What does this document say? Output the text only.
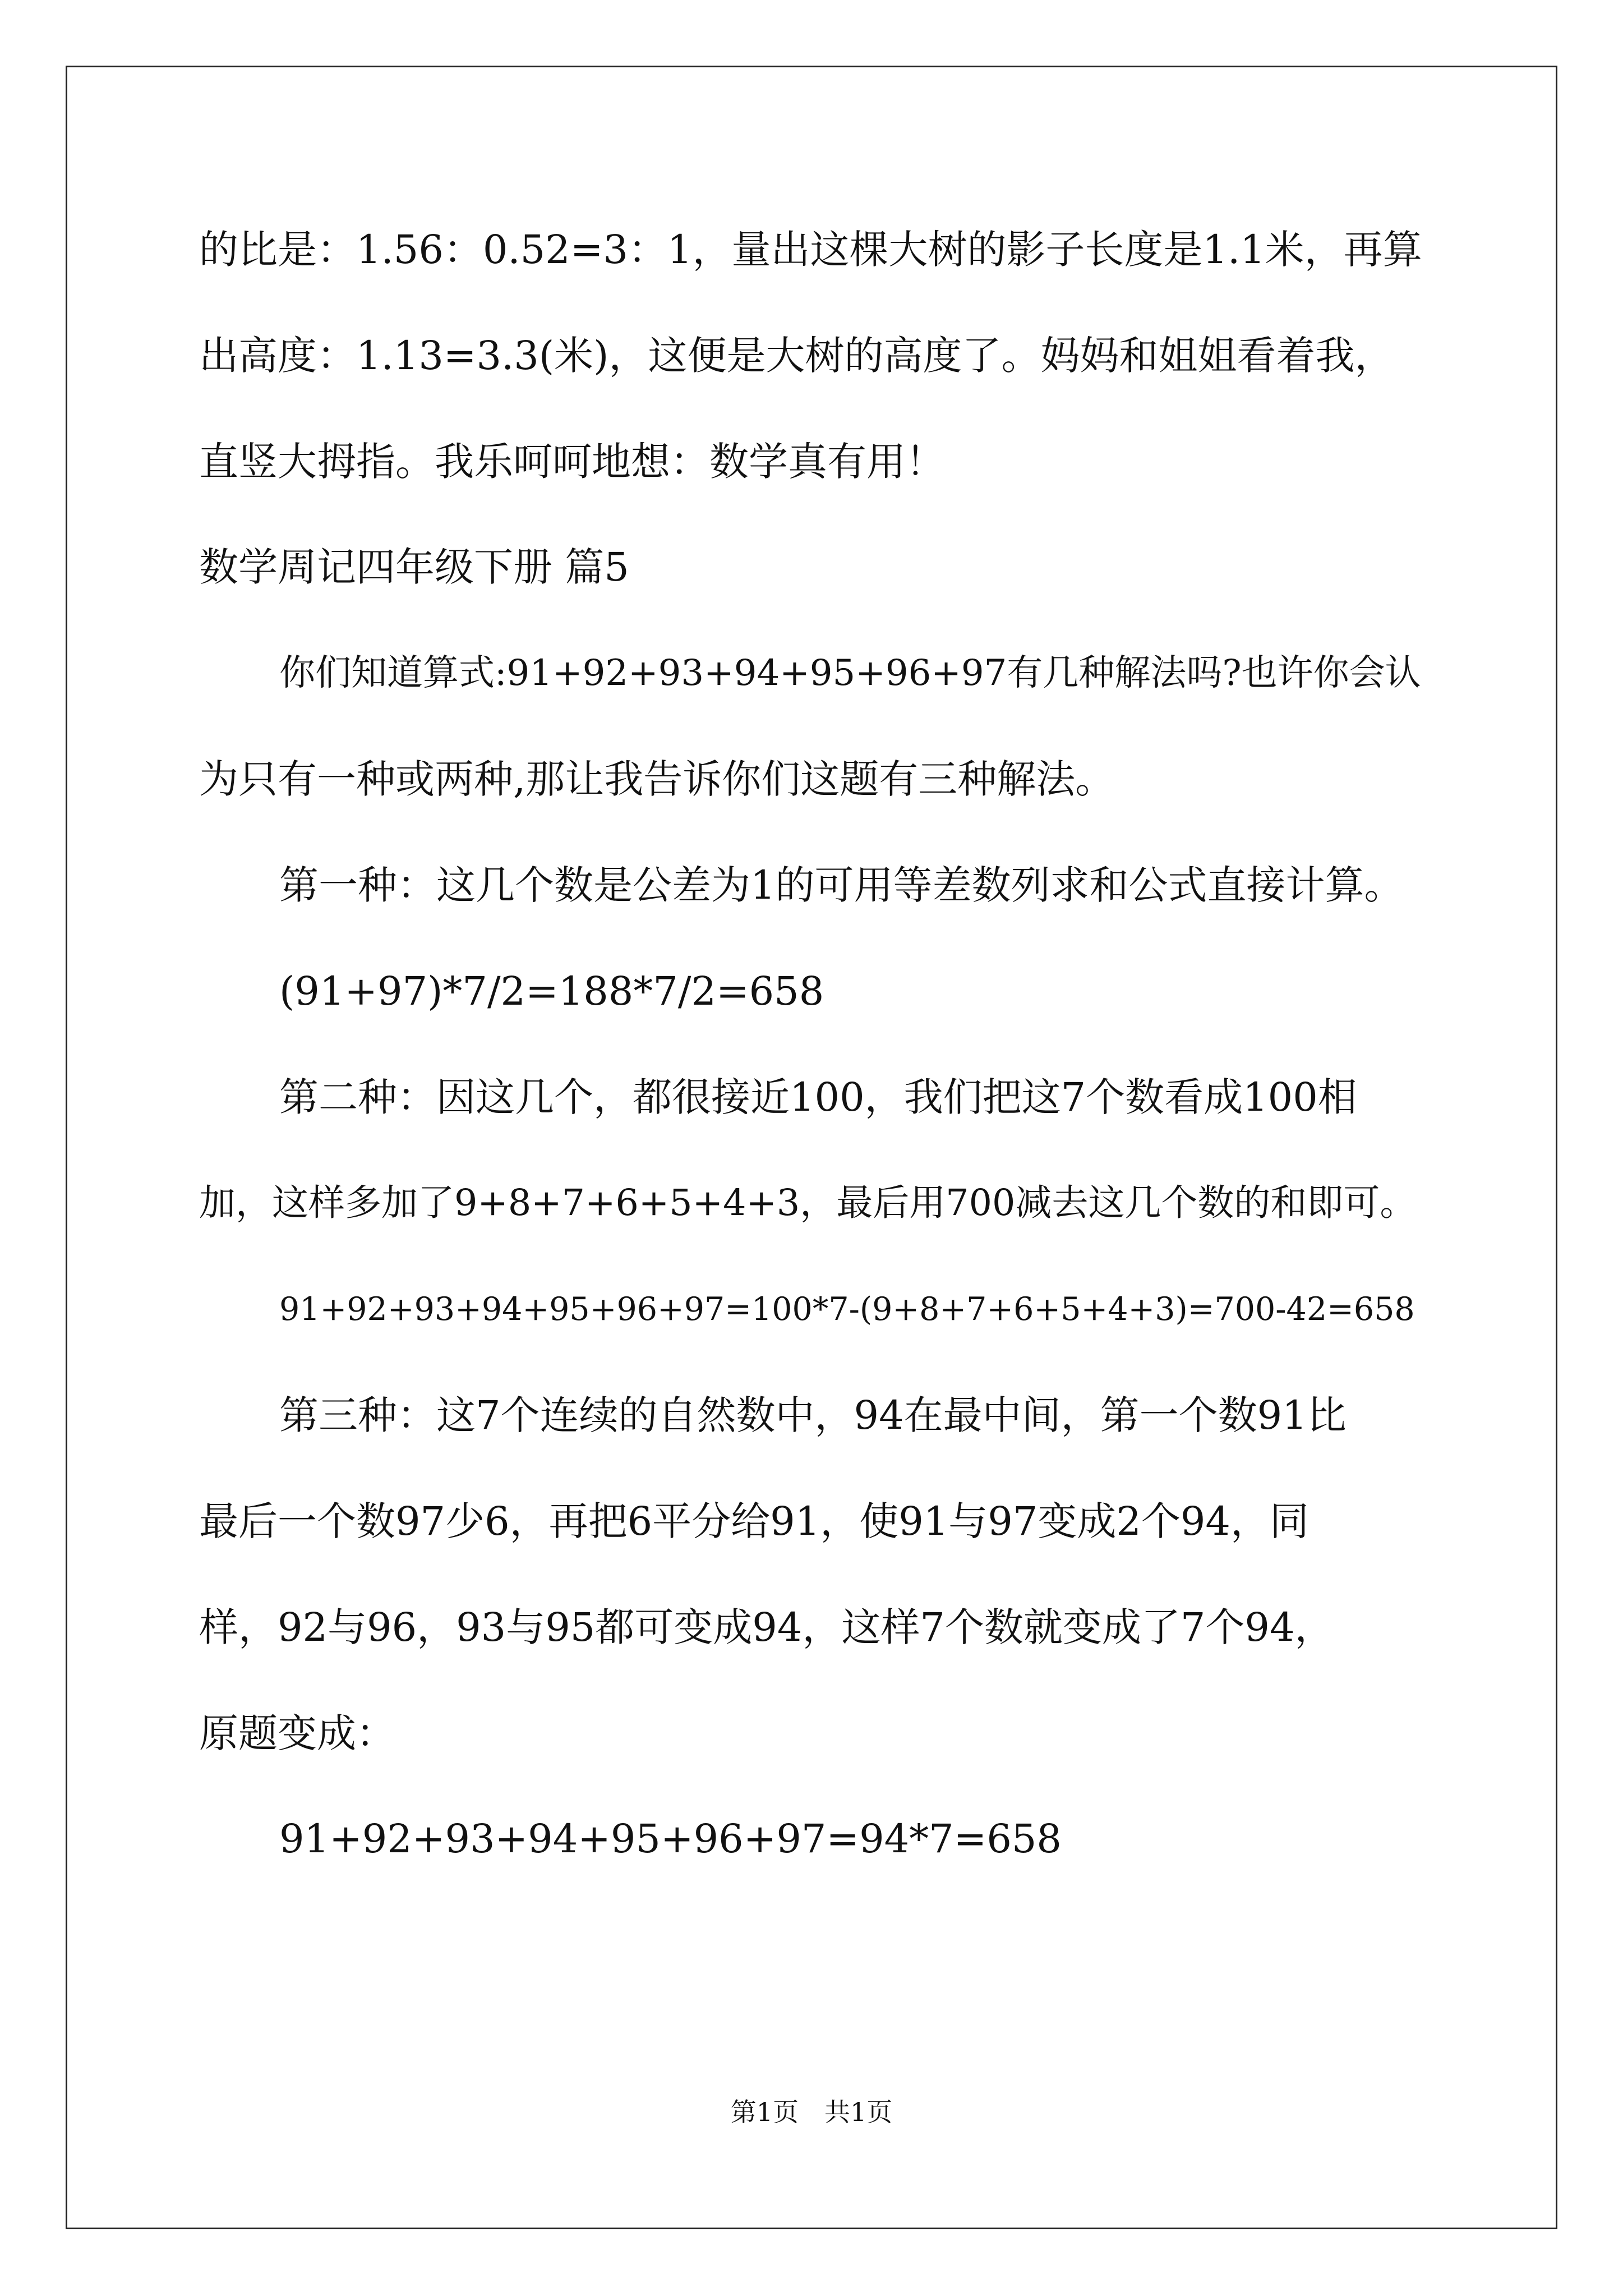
的比是：1.56：0.52=3：1，量出这棵大树的影子长度是1.1米，再算
出高度：1.13=3.3(米)，这便是大树的高度了。妈妈和姐姐看着我，
直竖大拇指。我乐呵呵地想：数学真有用！
数学周记四年级下册 篇5
你们知道算式:91+92+93+94+95+96+97有几种解法吗?也许你会认
为只有一种或两种,那让我告诉你们这题有三种解法。
第一种：这几个数是公差为1的可用等差数列求和公式直接计算。
(91+97)*7/2=188*7/2=658
第二种：因这几个，都很接近100，我们把这7个数看成100相
加，这样多加了9+8+7+6+5+4+3，最后用700减去这几个数的和即可。
91+92+93+94+95+96+97=100*7-(9+8+7+6+5+4+3)=700-42=658
第三种：这7个连续的自然数中，94在最中间，第一个数91比
最后一个数97少6，再把6平分给91，使91与97变成2个94，同
样，92与96，93与95都可变成94，这样7个数就变成了7个94，
原题变成：
91+92+93+94+95+96+97=94*7=658
第1页　共1页
